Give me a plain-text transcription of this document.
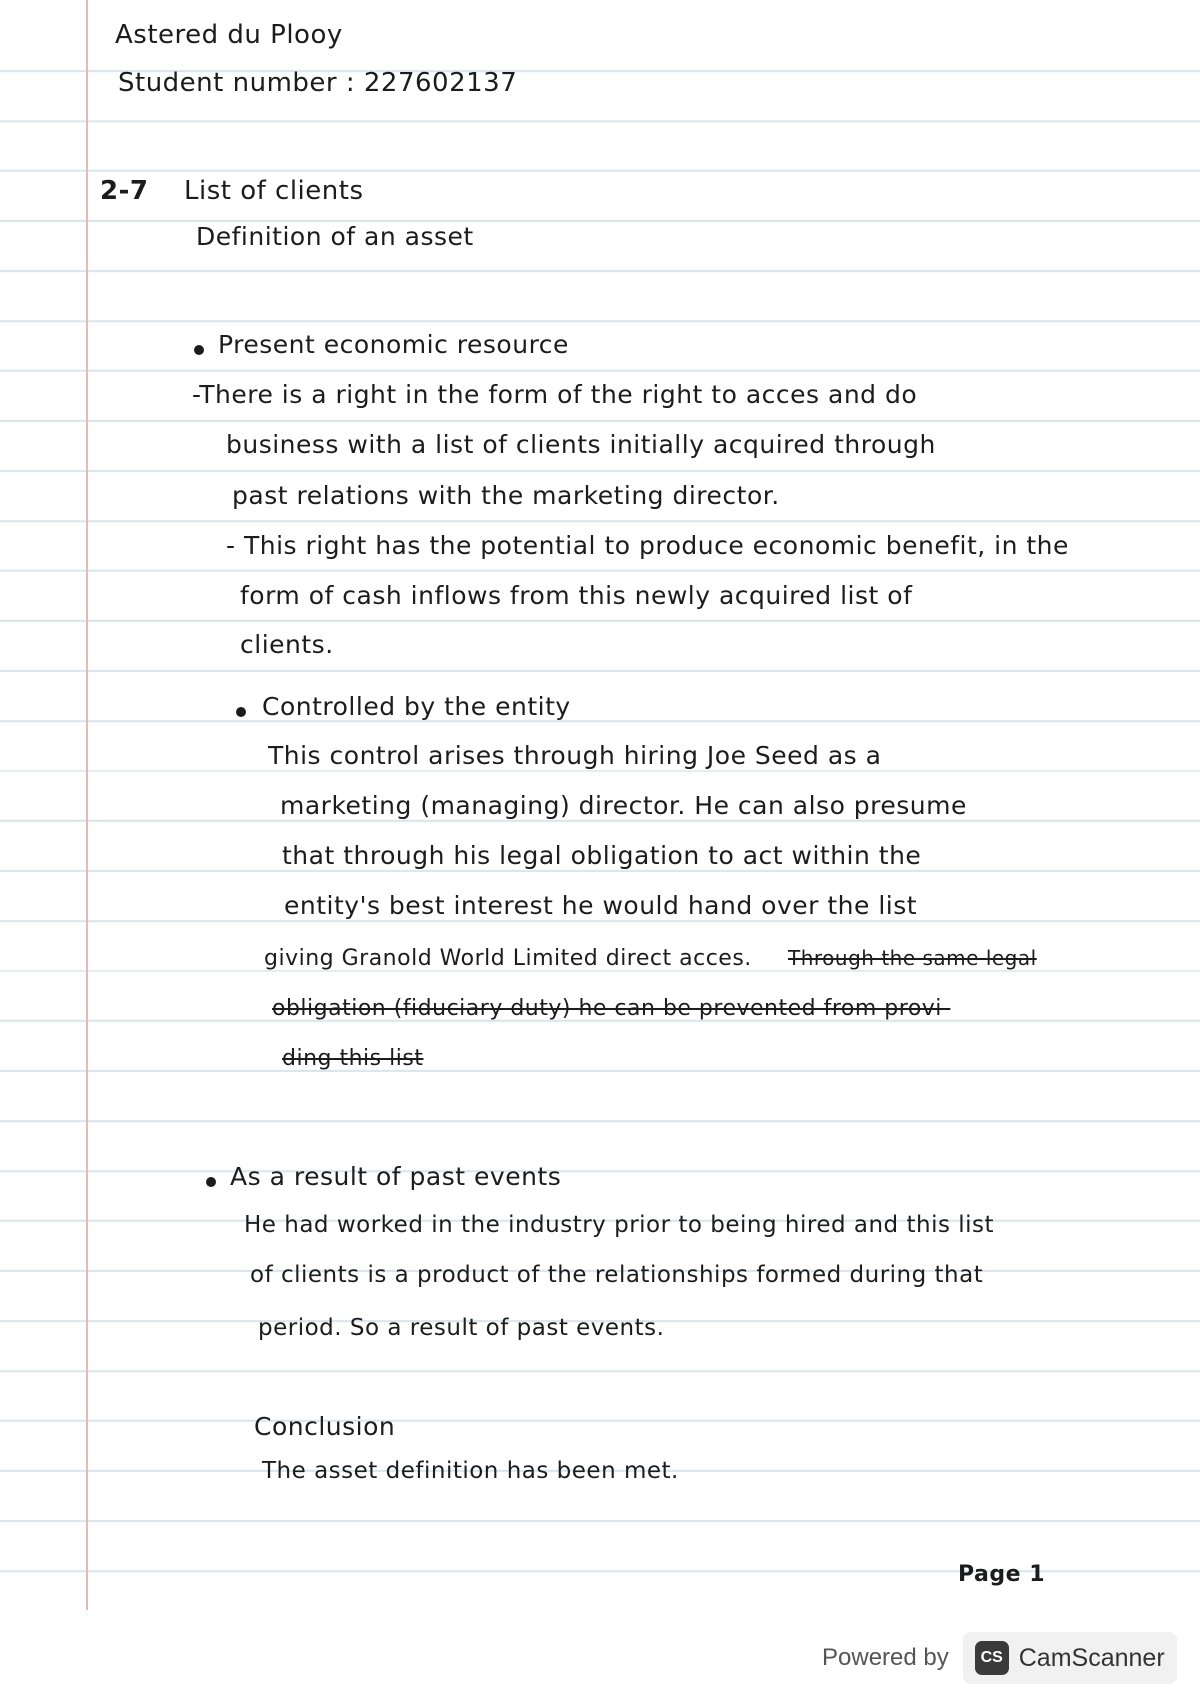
Astered du Plooy
Student number : 227602137
2-7 List of clients
Definition of an asset
Present economic resource
-There is a right in the form of the right to acces and do
business with a list of clients initially acquired through
past relations with the marketing director.
- This right has the potential to produce economic benefit, in the
form of cash inflows from this newly acquired list of
clients.
Controlled by the entity
This control arises through hiring Joe Seed as a
marketing (managing) director. He can also presume
that through his legal obligation to act within the
entity's best interest he would hand over the list
giving Granold World Limited direct acces. Through the same legal
obligation (fiduciary duty) he can be prevented from provi-
ding this list
As a result of past events
He had worked in the industry prior to being hired and this list
of clients is a product of the relationships formed during that
period. So a result of past events.
Conclusion
The asset definition has been met.
Page 1
Powered by	CS CamScanner
